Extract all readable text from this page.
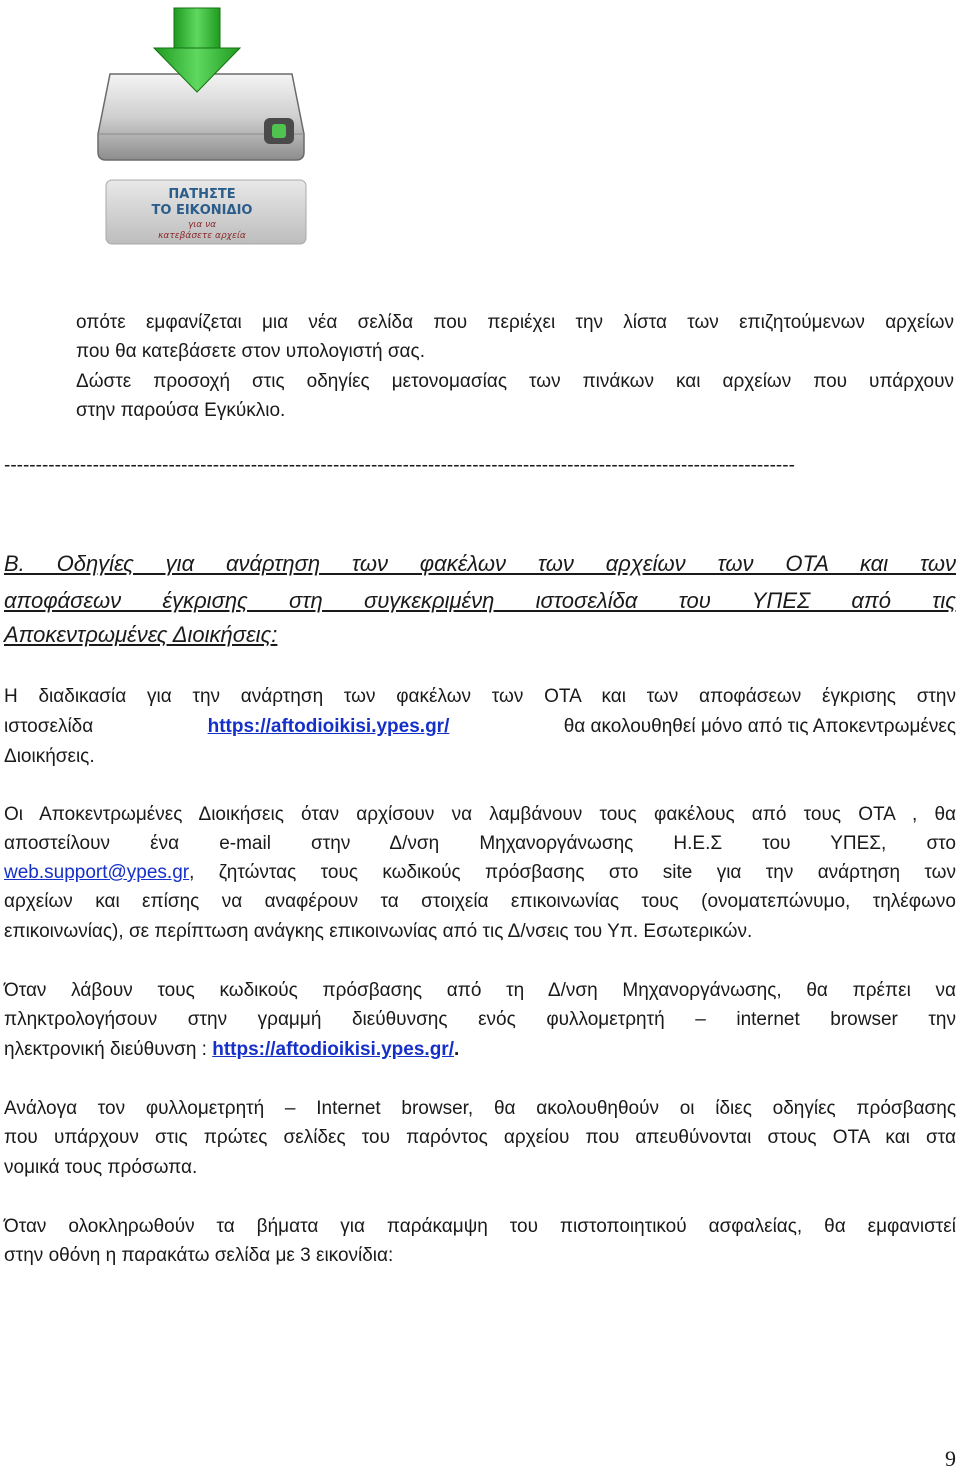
ΠΑΤΗΣΤΕ
ΤΟ ΕΙΚΟΝΙΔΙΟ
για να
κατεβάσετε αρχεία

οπότε εμφανίζεται μια νέα σελίδα που περιέχει την λίστα των επιζητούμενων αρχείων

που θα κατεβάσετε στον υπολογιστή σας.

Δώστε προσοχή στις οδηγίες μετονομασίας των πινάκων και αρχείων που υπάρχουν

στην παρούσα Εγκύκλιο.

-----------------------------------------------------------------------------------------------------------------------------

Β. Οδηγίες για ανάρτηση των φακέλων των αρχείων των ΟΤΑ και των

αποφάσεων έγκρισης στη συγκεκριμένη ιστοσελίδα του ΥΠΕΣ από τις

Αποκεντρωμένες Διοικήσεις:

Η διαδικασία για την ανάρτηση των φακέλων των ΟΤΑ και των αποφάσεων έγκρισης στην

ιστοσελίδα	https://aftodioikisi.ypes.gr/	θα ακολουθηθεί μόνο από τις Αποκεντρωμένες

Διοικήσεις.

Οι Αποκεντρωμένες Διοικήσεις όταν αρχίσουν να λαμβάνουν τους φακέλους από τους ΟΤΑ , θα

αποστείλουν ένα e-mail στην Δ/νση Μηχανοργάνωσης Η.Ε.Σ του ΥΠΕΣ, στο

web.support@ypes.gr , ζητώντας τους κωδικούς πρόσβασης στο site για την ανάρτηση των

αρχείων και επίσης να αναφέρουν τα στοιχεία επικοινωνίας τους (ονοματεπώνυμο, τηλέφωνο

επικοινωνίας), σε περίπτωση ανάγκης επικοινωνίας από τις Δ/νσεις του Υπ. Εσωτερικών.

Όταν λάβουν τους κωδικούς πρόσβασης από τη Δ/νση Μηχανοργάνωσης, θα πρέπει να

πληκτρολογήσουν στην γραμμή διεύθυνσης ενός φυλλομετρητή – internet browser την

ηλεκτρονική διεύθυνση : https://aftodioikisi.ypes.gr/.

Ανάλογα τον φυλλομετρητή – Internet browser, θα ακολουθηθούν οι ίδιες οδηγίες πρόσβασης

που υπάρχουν στις πρώτες σελίδες του παρόντος αρχείου που απευθύνονται στους ΟΤΑ και στα

νομικά τους πρόσωπα.

Όταν ολοκληρωθούν τα βήματα για παράκαμψη του πιστοποιητικού ασφαλείας, θα εμφανιστεί

στην οθόνη η παρακάτω σελίδα με 3 εικονίδια:

9
